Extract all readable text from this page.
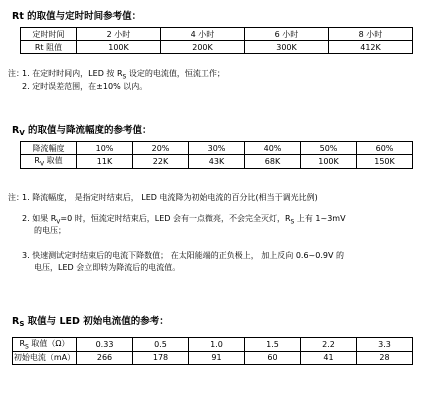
Rt 的取值与定时时间参考值：
定时时间	2 小时	4 小时	6 小时	8 小时
Rt 阻值	100K	200K	300K	412K
注：
1. 在定时时间内，LED 按 $R_S$ 设定的电流值，恒流工作；
2. 定时误差范围，在±10% 以内。
$R_V$ 的取值与降流幅度的参考值：
降流幅度	10%	20%	30%	40%	50%	60%
$R_V$ 取值	11K	22K	43K	68K	100K	150K
注：
1. 降流幅度， 是指定时结束后， LED 电流降为初始电流的百分比(相当于调光比例)
2. 如果 $R_V=0$ 时，恒流定时结束后，LED 会有一点微亮，不会完全灭灯，$R_S$ 上有 1~3mV
的电压；
3. 快速测试定时结束后的电流下降数值； 在太阳能端的正负极上， 加上反向 0.6~0.9V 的
电压，LED 会立即转为降流后的电流值。
$R_S$ 取值与 LED 初始电流值的参考：
$R_S$ 取值（Ω）	0.33	0.5	1.0	1.5	2.2	3.3
初始电流（mA）	266	178	91	60	41	28
